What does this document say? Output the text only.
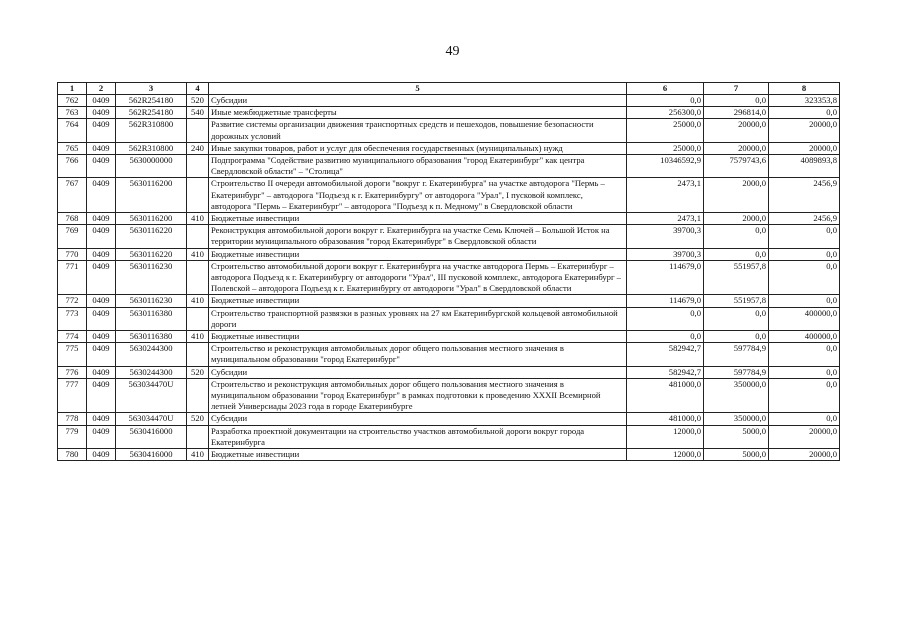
49
1	2	3	4	5	6	7	8
762	0409	562R254180	520	Субсидии	0,0	0,0	323353,8
763	0409	562R254180	540	Иные межбюджетные трансферты	256300,0	296814,0	0,0
764	0409	562R310800		Развитие системы организации движения транспортных средств и пешеходов, повышение безопасности дорожных условий	25000,0	20000,0	20000,0
765	0409	562R310800	240	Иные закупки товаров, работ и услуг для обеспечения государственных (муниципальных) нужд	25000,0	20000,0	20000,0
766	0409	5630000000		Подпрограмма "Содействие развитию муниципального образования "город Екатеринбург" как центра Свердловской области" – "Столица"	10346592,9	7579743,6	4089893,8
767	0409	5630116200		Строительство II очереди автомобильной дороги "вокруг г. Екатеринбурга" на участке автодорога "Пермь – Екатеринбург" – автодорога "Подъезд к г. Екатеринбургу" от автодорога "Урал", I пусковой комплекс, автодорога "Пермь – Екатеринбург" – автодорога "Подъезд к п. Медному" в Свердловской области	2473,1	2000,0	2456,9
768	0409	5630116200	410	Бюджетные инвестиции	2473,1	2000,0	2456,9
769	0409	5630116220		Реконструкция автомобильной дороги вокруг г. Екатеринбурга на участке Семь Ключей – Большой Исток на территории муниципального образования "город Екатеринбург" в Свердловской области	39700,3	0,0	0,0
770	0409	5630116220	410	Бюджетные инвестиции	39700,3	0,0	0,0
771	0409	5630116230		Строительство автомобильной дороги вокруг г. Екатеринбурга на участке автодорога Пермь – Екатеринбург – автодорога Подъезд к г. Екатеринбургу от автодороги "Урал", III пусковой комплекс, автодорога Екатеринбург – Полевской – автодорога Подъезд к г. Екатеринбургу от автодороги "Урал" в Свердловской области	114679,0	551957,8	0,0
772	0409	5630116230	410	Бюджетные инвестиции	114679,0	551957,8	0,0
773	0409	5630116380		Строительство транспортной развязки в разных уровнях на 27 км Екатеринбургской кольцевой автомобильной дороги	0,0	0,0	400000,0
774	0409	5630116380	410	Бюджетные инвестиции	0,0	0,0	400000,0
775	0409	5630244300		Строительство и реконструкция автомобильных дорог общего пользования местного значения в муниципальном образовании "город Екатеринбург"	582942,7	597784,9	0,0
776	0409	5630244300	520	Субсидии	582942,7	597784,9	0,0
777	0409	563034470U		Строительство и реконструкция автомобильных дорог общего пользования местного значения в муниципальном образовании "город Екатеринбург" в рамках подготовки к проведению XXXII Всемирной летней Универсиады 2023 года в городе Екатеринбурге	481000,0	350000,0	0,0
778	0409	563034470U	520	Субсидии	481000,0	350000,0	0,0
779	0409	5630416000		Разработка проектной документации на строительство участков автомобильной дороги вокруг города Екатеринбурга	12000,0	5000,0	20000,0
780	0409	5630416000	410	Бюджетные инвестиции	12000,0	5000,0	20000,0
